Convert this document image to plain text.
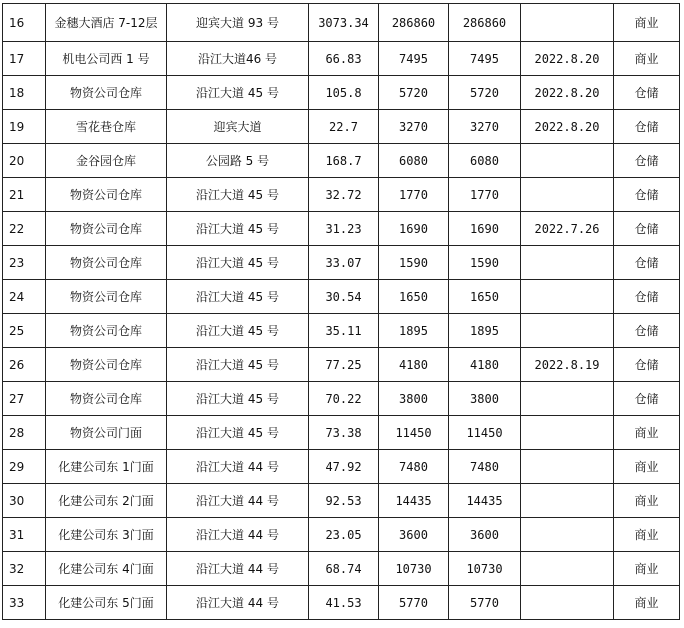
16	金穗大酒店 7-12层	迎宾大道 93 号	3073.34	286860	286860		商业
17	机电公司西 1 号	沿江大道46 号	66.83	7495	7495	2022.8.20	商业
18	物资公司仓库	沿江大道 45 号	105.8	5720	5720	2022.8.20	仓储
19	雪花巷仓库	迎宾大道	22.7	3270	3270	2022.8.20	仓储
20	金谷园仓库	公园路 5 号	168.7	6080	6080		仓储
21	物资公司仓库	沿江大道 45 号	32.72	1770	1770		仓储
22	物资公司仓库	沿江大道 45 号	31.23	1690	1690	2022.7.26	仓储
23	物资公司仓库	沿江大道 45 号	33.07	1590	1590		仓储
24	物资公司仓库	沿江大道 45 号	30.54	1650	1650		仓储
25	物资公司仓库	沿江大道 45 号	35.11	1895	1895		仓储
26	物资公司仓库	沿江大道 45 号	77.25	4180	4180	2022.8.19	仓储
27	物资公司仓库	沿江大道 45 号	70.22	3800	3800		仓储
28	物资公司门面	沿江大道 45 号	73.38	11450	11450		商业
29	化建公司东 1门面	沿江大道 44 号	47.92	7480	7480		商业
30	化建公司东 2门面	沿江大道 44 号	92.53	14435	14435		商业
31	化建公司东 3门面	沿江大道 44 号	23.05	3600	3600		商业
32	化建公司东 4门面	沿江大道 44 号	68.74	10730	10730		商业
33	化建公司东 5门面	沿江大道 44 号	41.53	5770	5770		商业
